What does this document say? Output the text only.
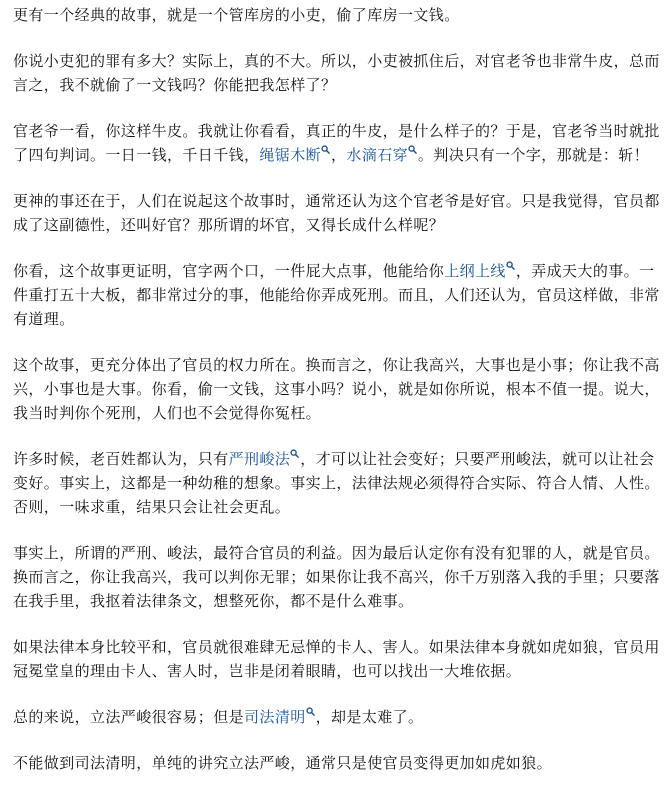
更有一个经典的故事，就是一个管库房的小吏，偷了库房一文钱。

你说小吏犯的罪有多大？实际上，真的不大。所以，小吏被抓住后，对官老爷也非常牛皮，总而言之，我不就偷了一文钱吗？你能把我怎样了？

官老爷一看，你这样牛皮。我就让你看看，真正的牛皮，是什么样子的？于是，官老爷当时就批了四句判词。一日一钱，千日千钱，绳锯木断 ，水滴石穿 。判决只有一个字，那就是：斩！

更神的事还在于，人们在说起这个故事时，通常还认为这个官老爷是好官。只是我觉得，官员都成了这副德性，还叫好官？那所谓的坏官，又得长成什么样呢？

你看，这个故事更证明，官字两个口，一件屁大点事，他能给你上纲上线 ，弄成天大的事。一件重打五十大板，都非常过分的事，他能给你弄成死刑。而且，人们还认为，官员这样做，非常有道理。

这个故事，更充分体出了官员的权力所在。换而言之，你让我高兴，大事也是小事；你让我不高兴，小事也是大事。你看，偷一文钱，这事小吗？说小，就是如你所说，根本不值一提。说大，我当时判你个死刑，人们也不会觉得你冤枉。

许多时候，老百姓都认为，只有严刑峻法 ，才可以让社会变好；只要严刑峻法，就可以让社会变好。事实上，这都是一种幼稚的想象。事实上，法律法规必须得符合实际、符合人情、人性。否则，一味求重，结果只会让社会更乱。

事实上，所谓的严刑、峻法，最符合官员的利益。因为最后认定你有没有犯罪的人，就是官员。换而言之，你让我高兴，我可以判你无罪；如果你让我不高兴，你千万别落入我的手里；只要落在我手里，我抠着法律条文，想整死你，都不是什么难事。

如果法律本身比较平和，官员就很难肆无忌惮的卡人、害人。如果法律本身就如虎如狼，官员用冠冕堂皇的理由卡人、害人时，岂非是闭着眼睛，也可以找出一大堆依据。

总的来说，立法严峻很容易；但是司法清明 ，却是太难了。

不能做到司法清明，单纯的讲究立法严峻，通常只是使官员变得更加如虎如狼。
